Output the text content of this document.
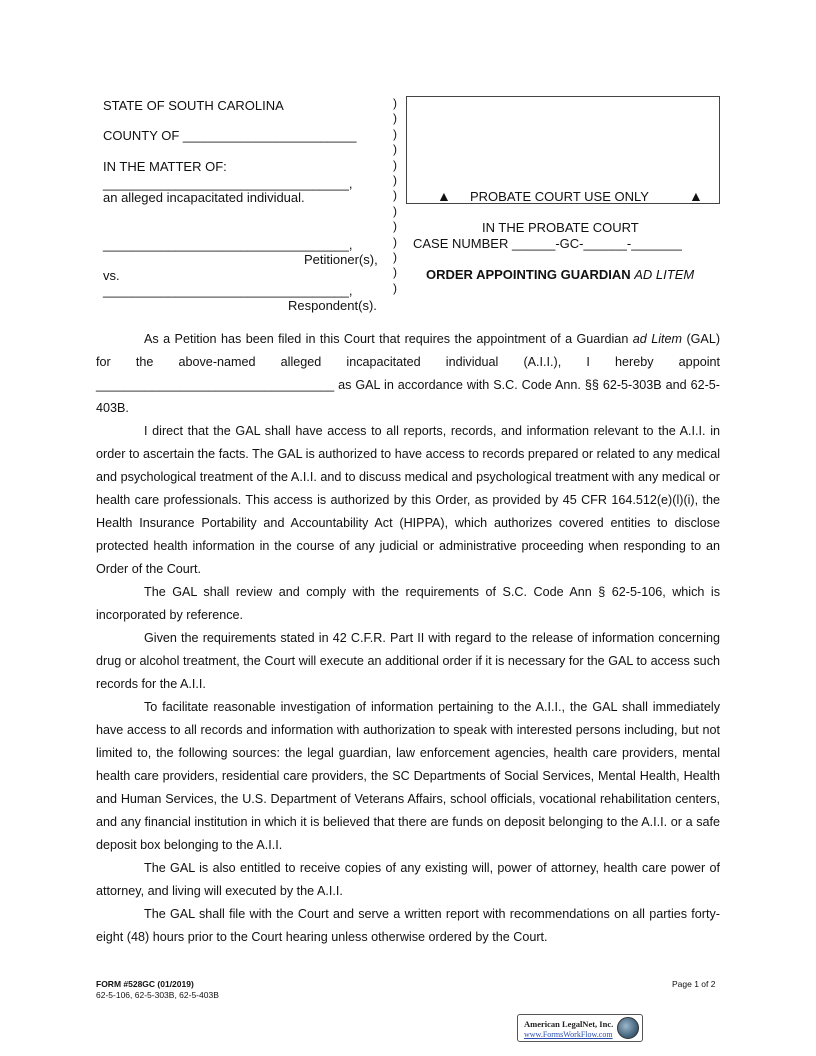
STATE OF SOUTH CAROLINA
COUNTY OF ________________________
IN THE MATTER OF:
__________________________________,
an alleged incapacitated individual.
__________________________________,
Petitioner(s),
vs.
__________________________________,
Respondent(s).
)
)
)
)
)
)
)
)
)
)
)
)
)
▲ PROBATE COURT USE ONLY	▲
IN THE PROBATE COURT
CASE NUMBER ______-GC-______-_______
ORDER APPOINTING GUARDIAN AD LITEM

As a Petition has been filed in this Court that requires the appointment of a Guardian ad Litem (GAL) for the above-named alleged incapacitated individual (A.I.I.), I hereby appoint __________________________________ as GAL in accordance with S.C. Code Ann. §§ 62-5-303B and 62-5-403B.

I direct that the GAL shall have access to all reports, records, and information relevant to the A.I.I. in order to ascertain the facts. The GAL is authorized to have access to records prepared or related to any medical and psychological treatment of the A.I.I. and to discuss medical and psychological treatment with any medical or health care professionals. This access is authorized by this Order, as provided by 45 CFR 164.512(e)(l)(i), the Health Insurance Portability and Accountability Act (HIPPA), which authorizes covered entities to disclose protected health information in the course of any judicial or administrative proceeding when responding to an Order of the Court.

The GAL shall review and comply with the requirements of S.C. Code Ann § 62-5-106, which is incorporated by reference.

Given the requirements stated in 42 C.F.R. Part II with regard to the release of information concerning drug or alcohol treatment, the Court will execute an additional order if it is necessary for the GAL to access such records for the A.I.I.

To facilitate reasonable investigation of information pertaining to the A.I.I., the GAL shall immediately have access to all records and information with authorization to speak with interested persons including, but not limited to, the following sources: the legal guardian, law enforcement agencies, health care providers, mental health care providers, residential care providers, the SC Departments of Social Services, Mental Health, Health and Human Services, the U.S. Department of Veterans Affairs, school officials, vocational rehabilitation centers, and any financial institution in which it is believed that there are funds on deposit belonging to the A.I.I. or a safe deposit box belonging to the A.I.I.

The GAL is also entitled to receive copies of any existing will, power of attorney, health care power of attorney, and living will executed by the A.I.I.

The GAL shall file with the Court and serve a written report with recommendations on all parties forty-eight (48) hours prior to the Court hearing unless otherwise ordered by the Court.

FORM #528GC (01/2019)
62-5-106, 62-5-303B, 62-5-403B
Page 1 of 2
American LegalNet, Inc.
www.FormsWorkFlow.com
